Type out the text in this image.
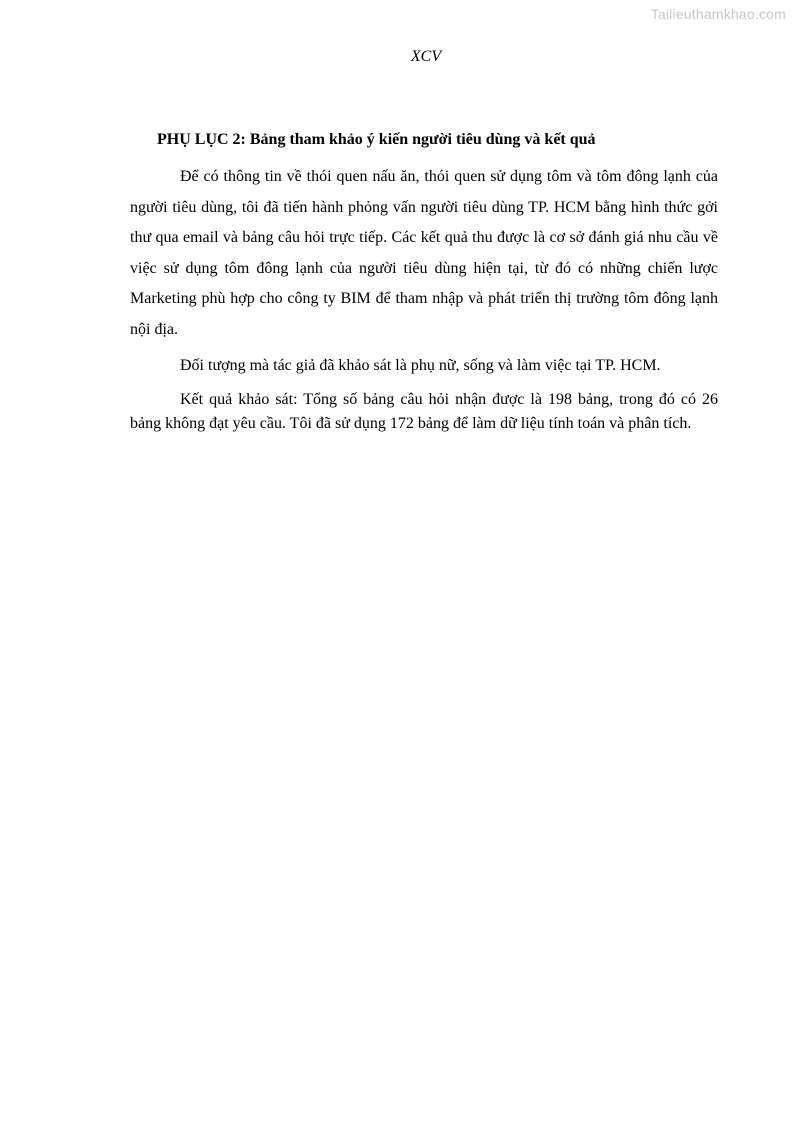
Tailieuthamkhao.com
XCV
PHỤ LỤC 2: Bảng tham khảo ý kiến người tiêu dùng và kết quả

Để có thông tin về thói quen nấu ăn, thói quen sử dụng tôm và tôm đông lạnh của người tiêu dùng, tôi đã tiến hành phỏng vấn người tiêu dùng TP. HCM bằng hình thức gởi thư qua email và bảng câu hỏi trực tiếp. Các kết quả thu được là cơ sở đánh giá nhu cầu về việc sử dụng tôm đông lạnh của người tiêu dùng hiện tại, từ đó có những chiến lược Marketing phù hợp cho công ty BIM để tham nhập và phát triển thị trường tôm đông lạnh nội địa.

Đối tượng mà tác giả đã khảo sát là phụ nữ, sống và làm việc tại TP. HCM.

Kết quả khảo sát: Tổng số bảng câu hỏi nhận được là 198 bảng, trong đó có 26 bảng không đạt yêu cầu. Tôi đã sử dụng 172 bảng để làm dữ liệu tính toán và phân tích.
